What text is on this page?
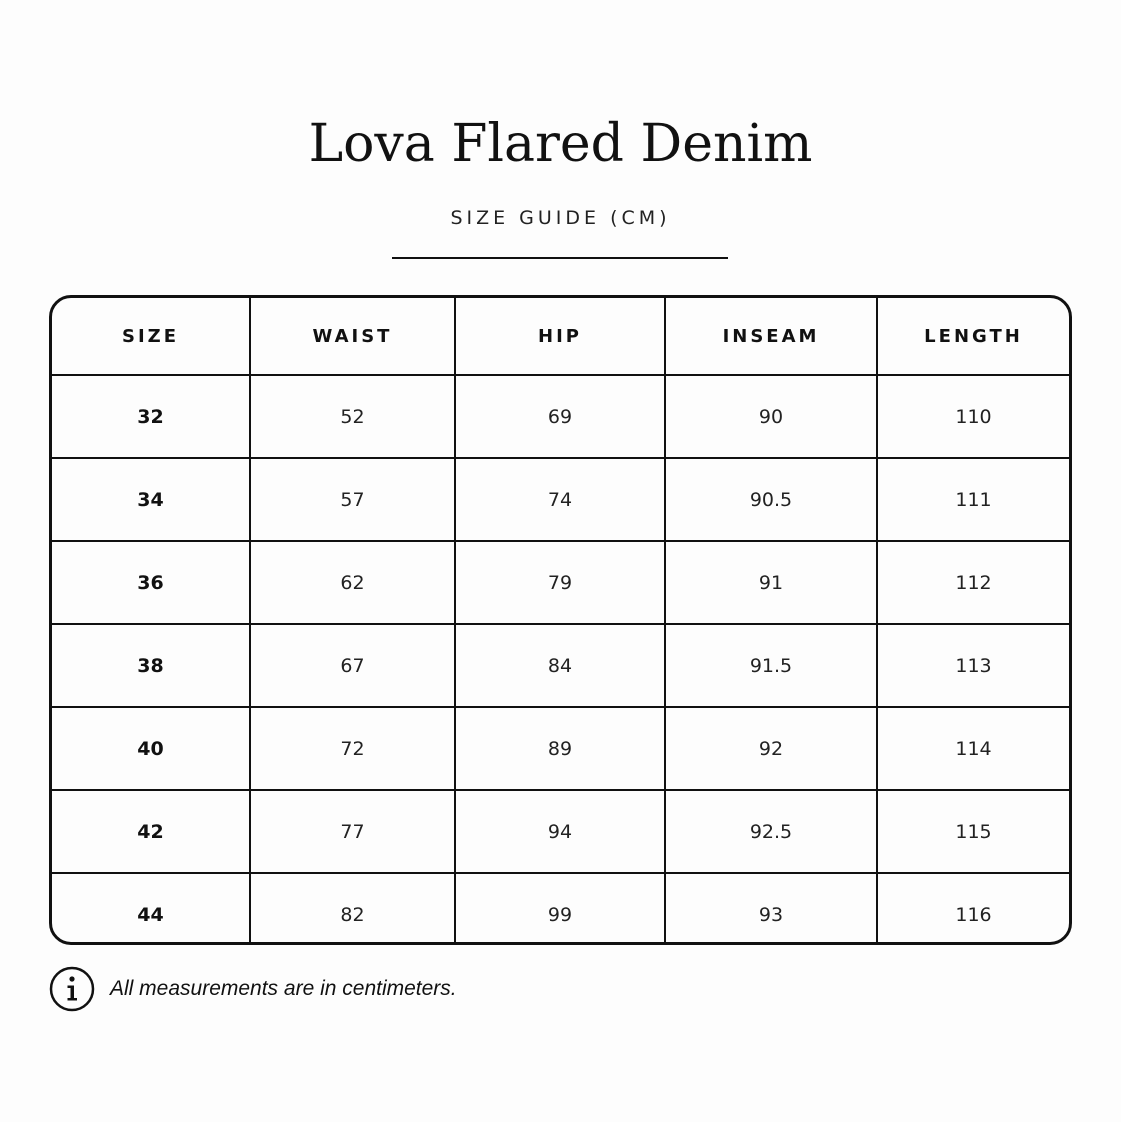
Lova Flared Denim
SIZE GUIDE (CM)
SIZE	WAIST	HIP	INSEAM	LENGTH
32	52	69	90	110
34	57	74	90.5	111
36	62	79	91	112
38	67	84	91.5	113
40	72	89	92	114
42	77	94	92.5	115
44	82	99	93	116
All measurements are in centimeters.
